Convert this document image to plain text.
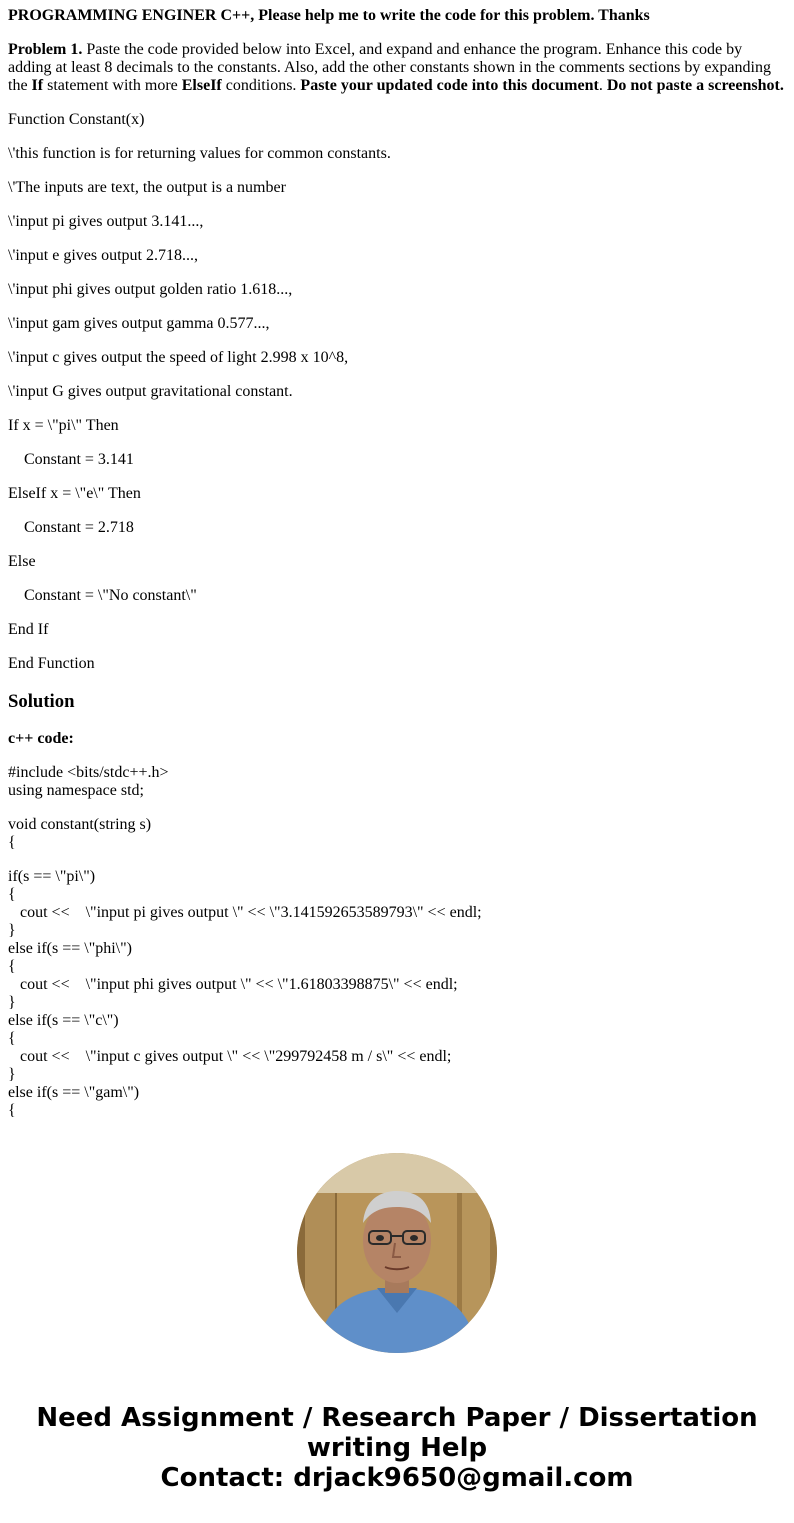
PROGRAMMING ENGINER C++, Please help me to write the code for this problem. Thanks

Problem 1. Paste the code provided below into Excel, and expand and enhance the program. Enhance this code by adding at least 8 decimals to the constants. Also, add the other constants shown in the comments sections by expanding the If statement with more ElseIf conditions. Paste your updated code into this document. Do not paste a screenshot.

Function Constant(x)

\'this function is for returning values for common constants.

\'The inputs are text, the output is a number

\'input pi gives output 3.141...,

\'input e gives output 2.718...,

\'input phi gives output golden ratio 1.618...,

\'input gam gives output gamma 0.577...,

\'input c gives output the speed of light 2.998 x 10^8,

\'input G gives output gravitational constant.

If x = \"pi\" Then

Constant = 3.141

ElseIf x = \"e\" Then

Constant = 2.718

Else

Constant = \"No constant\"

End If

End Function

Solution
c++ code:
#include <bits/stdc++.h>
using namespace std;
void constant(string s)
{
if(s == \"pi\")
{
cout <<    \"input pi gives output \" << \"3.141592653589793\" << endl;
}
else if(s == \"phi\")
{
cout <<    \"input phi gives output \" << \"1.61803398875\" << endl;
}
else if(s == \"c\")
{
cout <<    \"input c gives output \" << \"299792458 m / s\" << endl;
}
else if(s == \"gam\")
{
Need Assignment / Research Paper / Dissertation
writing Help
Contact: drjack9650@gmail.com
